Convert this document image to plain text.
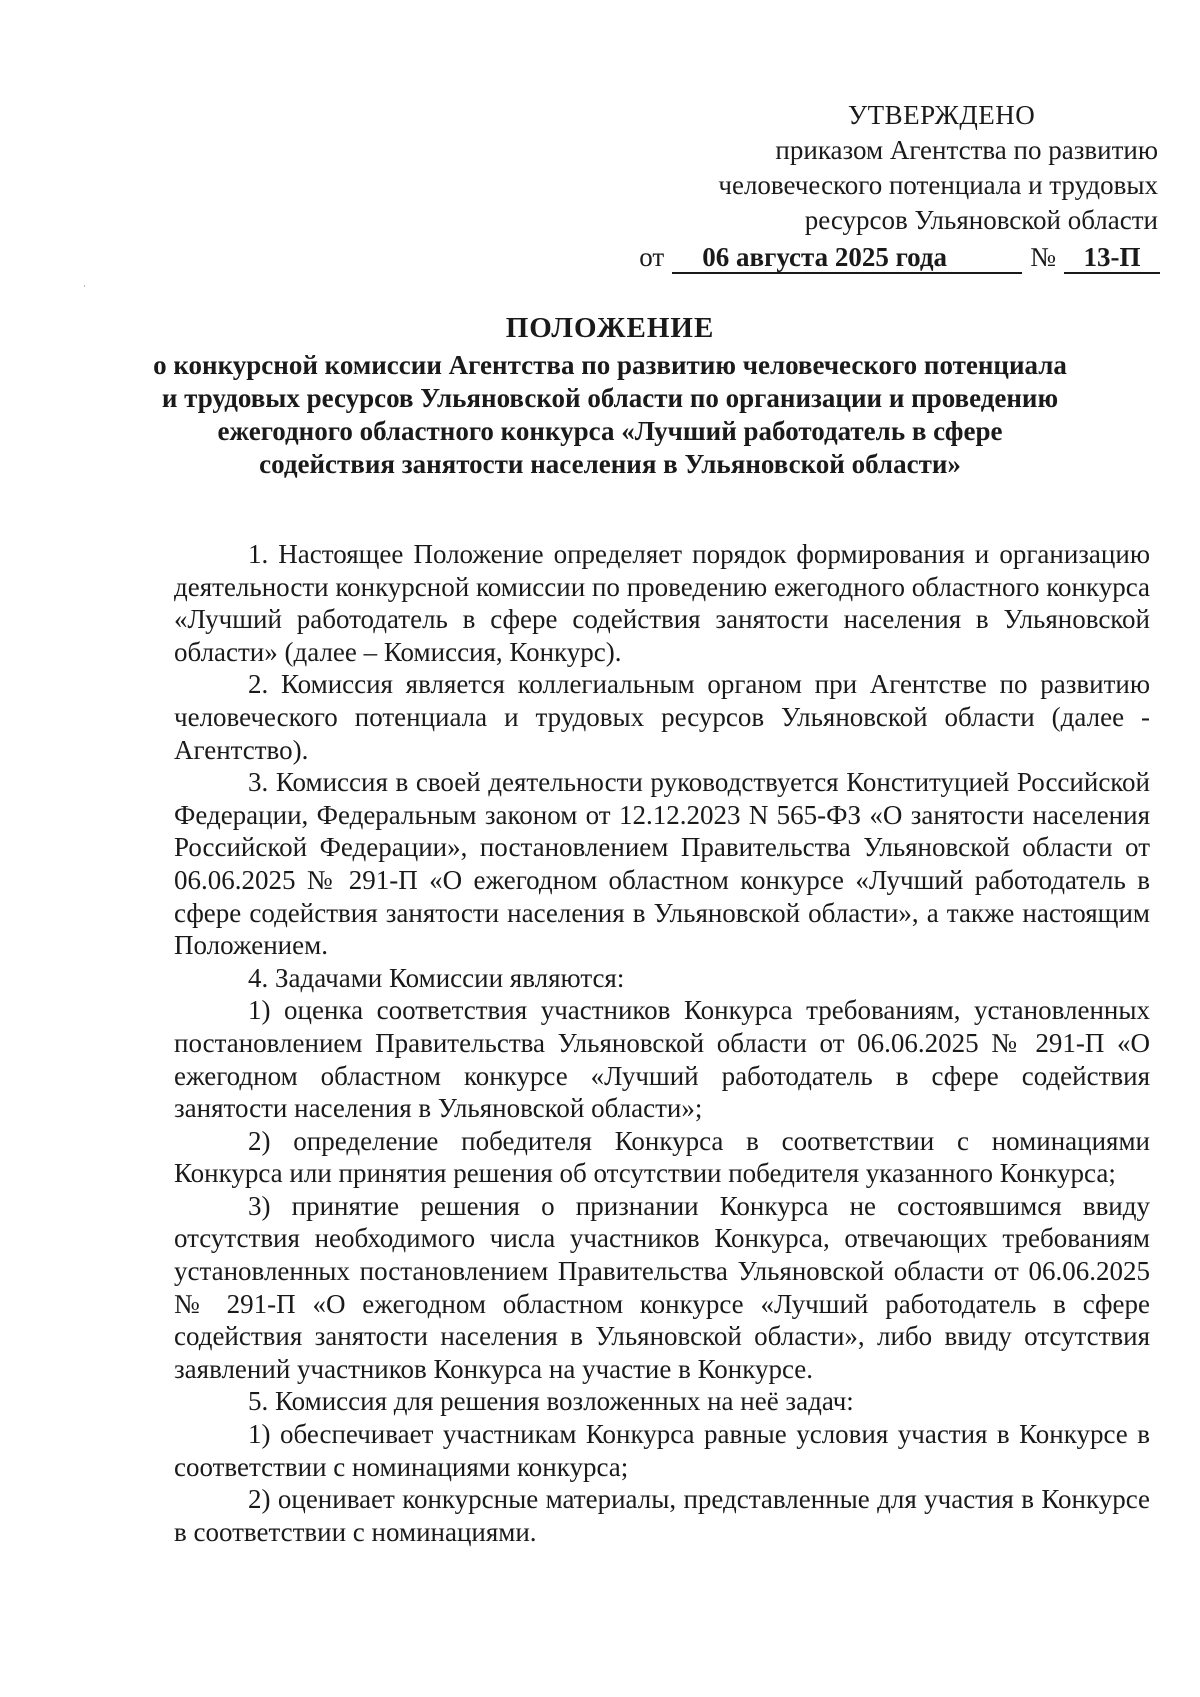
УТВЕРЖДЕНО
приказом Агентства по развитию
человеческого потенциала и трудовых
ресурсов Ульяновской области
от 06 августа 2025 года	№ 13-П
ПОЛОЖЕНИЕ
о конкурсной комиссии Агентства по развитию человеческого потенциала
и трудовых ресурсов Ульяновской области по организации и проведению
ежегодного областного конкурса «Лучший работодатель в сфере
содействия занятости населения в Ульяновской области»

1. Настоящее Положение определяет порядок формирования и организацию деятельности конкурсной комиссии по проведению ежегодного областного конкурса «Лучший работодатель в сфере содействия занятости населения в Ульяновской области» (далее – Комиссия, Конкурс).

2. Комиссия является коллегиальным органом при Агентстве по развитию человеческого потенциала и трудовых ресурсов Ульяновской области (далее - Агентство).

3. Комиссия в своей деятельности руководствуется Конституцией Российской Федерации, Федеральным законом от 12.12.2023 N 565-ФЗ «О занятости населения Российской Федерации», постановлением Правительства Ульяновской области от 06.06.2025 № 291-П «О ежегодном областном конкурсе «Лучший работодатель в сфере содействия занятости населения в Ульяновской области», а также настоящим Положением.

4. Задачами Комиссии являются:

1) оценка соответствия участников Конкурса требованиям, установленных постановлением Правительства Ульяновской области от 06.06.2025 № 291-П «О ежегодном областном конкурсе «Лучший работодатель в сфере содействия занятости населения в Ульяновской области»;

2) определение победителя Конкурса в соответствии с номинациями Конкурса или принятия решения об отсутствии победителя указанного Конкурса;

3) принятие решения о признании Конкурса не состоявшимся ввиду отсутствия необходимого числа участников Конкурса, отвечающих требованиям установленных постановлением Правительства Ульяновской области от 06.06.2025 № 291-П «О ежегодном областном конкурсе «Лучший работодатель в сфере содействия занятости населения в Ульяновской области», либо ввиду отсутствия заявлений участников Конкурса на участие в Конкурсе.

5. Комиссия для решения возложенных на неё задач:

1) обеспечивает участникам Конкурса равные условия участия в Конкурсе в соответствии с номинациями конкурса;

2) оценивает конкурсные материалы, представленные для участия в Конкурсе в соответствии с номинациями.
